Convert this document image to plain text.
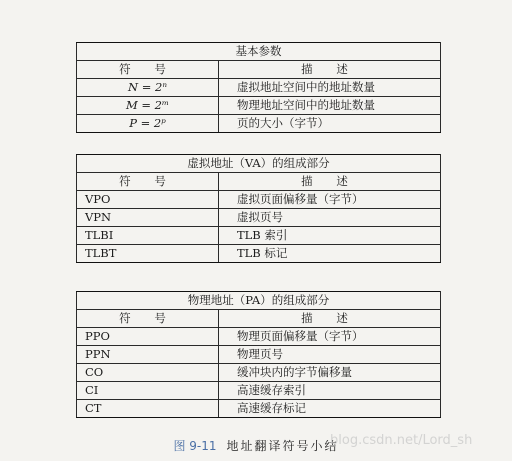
基本参数	
符 号	描 述
N = 2ⁿ	虚拟地址空间中的地址数量
M = 2ᵐ	物理地址空间中的地址数量
P = 2ᵖ	页的大小（字节）
虚拟地址（VA）的组成部分	
符 号	描 述
VPO	虚拟页面偏移量（字节）
VPN	虚拟页号
TLBI	TLB 索引
TLBT	TLB 标记
物理地址（PA）的组成部分	
符 号	描 述
PPO	物理页面偏移量（字节）
PPN	物理页号
CO	缓冲块内的字节偏移量
CI	高速缓存索引
CT	高速缓存标记
图 9-11 地址翻译符号小结
blog.csdn.net/Lord_sh
